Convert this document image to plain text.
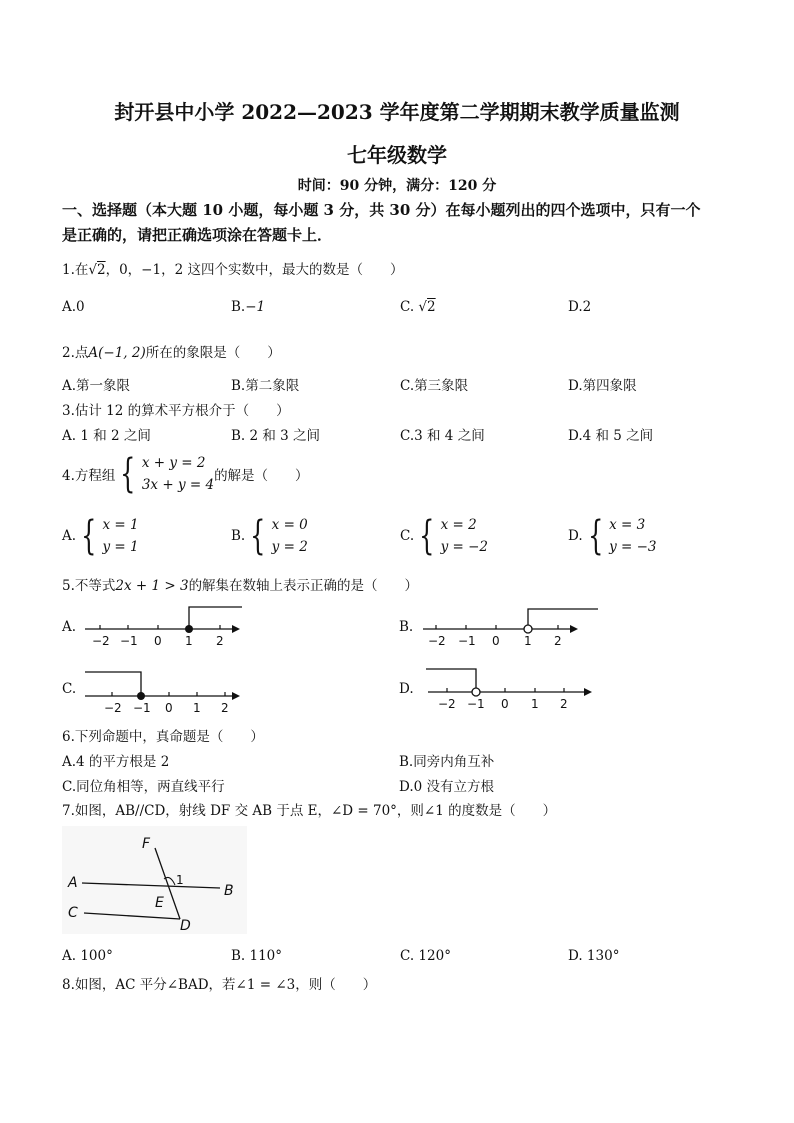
封开县中小学 2022—2023 学年度第二学期期末教学质量监测
七年级数学
时间：90 分钟，满分：120 分
一、选择题（本大题 10 小题，每小题 3 分，共 30 分）在每小题列出的四个选项中，只有一个
是正确的，请把正确选项涂在答题卡上．
1.在√2，0，−1，2 这四个实数中，最大的数是（　　）
A.0	B.−1	C. √2	D.2
2.点A(−1, 2)所在的象限是（　　）
A.第一象限	B.第二象限	C.第三象限	D.第四象限
3.估计 12 的算术平方根介于（　　）
A. 1 和 2 之间	B. 2 和 3 之间	C.3 和 4 之间	D.4 和 5 之间
4.方程组 { x + y = 2
3x + y = 4
的解是（　　）
A. { x = 1
y = 1
B. { x = 0
y = 2
C. { x = 2
y = −2
D. { x = 3
y = −3
5.不等式2x + 1 > 3的解集在数轴上表示正确的是（　　）
A.
−2 −1 0 1 2
B.
−2 −1 0 1 2
C.
−2 −1 0 1 2
D.
−2 −1 0 1 2
6.下列命题中，真命题是（　　）
A.4 的平方根是 2	B.同旁内角互补
C.同位角相等，两直线平行	D.0 没有立方根
7.如图，AB//CD，射线 DF 交 AB 于点 E，∠D = 70°，则∠1 的度数是（　　）
F
A	B
C
D
E
1
A. 100°	B. 110°	C. 120°	D. 130°
8.如图，AC 平分∠BAD，若∠1 = ∠3，则（　　）
